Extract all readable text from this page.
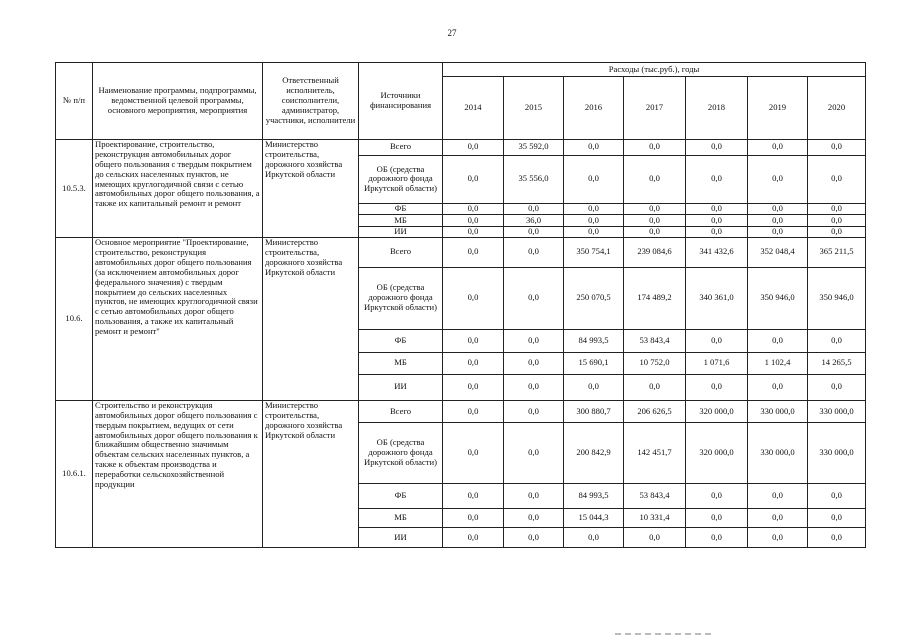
27
№ п/п	Наименование программы, подпрограммы, ведомственной целевой программы, основного мероприятия, мероприятия	Ответственный исполнитель, соисполнители, администратор, участники, исполнители	Источники финансирования	Расходы (тыс.руб.), годы						
				2014	2015	2016	2017	2018	2019	2020
10.5.3.	Проектирование, строительство, реконструкция автомобильных дорог общего пользования с твердым покрытием до сельских населенных пунктов, не имеющих круглогодичной связи с сетью автомобильных дорог общего пользования, а также их капитальный ремонт и ремонт	Министерство строительства, дорожного хозяйства Иркутской области	Всего	0,0	35 592,0	0,0	0,0	0,0	0,0	0,0
			ОБ (средства дорожного фонда Иркутской области)	0,0	35 556,0	0,0	0,0	0,0	0,0	0,0
			ФБ	0,0	0,0	0,0	0,0	0,0	0,0	0,0
			МБ	0,0	36,0	0,0	0,0	0,0	0,0	0,0
			ИИ	0,0	0,0	0,0	0,0	0,0	0,0	0,0
10.6.	Основное мероприятие "Проектирование, строительство, реконструкция автомобильных дорог общего пользования (за исключением автомобильных дорог федерального значения) с твердым покрытием до сельских населенных пунктов, не имеющих круглогодичной связи с сетью автомобильных дорог общего пользования, а также их капитальный ремонт и ремонт"	Министерство строительства, дорожного хозяйства Иркутской области	Всего	0,0	0,0	350 754,1	239 084,6	341 432,6	352 048,4	365 211,5
			ОБ (средства дорожного фонда Иркутской области)	0,0	0,0	250 070,5	174 489,2	340 361,0	350 946,0	350 946,0
			ФБ	0,0	0,0	84 993,5	53 843,4	0,0	0,0	0,0
			МБ	0,0	0,0	15 690,1	10 752,0	1 071,6	1 102,4	14 265,5
			ИИ	0,0	0,0	0,0	0,0	0,0	0,0	0,0
10.6.1.	Строительство и реконструкция автомобильных дорог общего пользования с твердым покрытием, ведущих от сети автомобильных дорог общего пользования к ближайшим общественно значимым объектам сельских населенных пунктов, а также к объектам производства и переработки сельскохозяйственной продукции	Министерство строительства, дорожного хозяйства Иркутской области	Всего	0,0	0,0	300 880,7	206 626,5	320 000,0	330 000,0	330 000,0
			ОБ (средства дорожного фонда Иркутской области)	0,0	0,0	200 842,9	142 451,7	320 000,0	330 000,0	330 000,0
			ФБ	0,0	0,0	84 993,5	53 843,4	0,0	0,0	0,0
			МБ	0,0	0,0	15 044,3	10 331,4	0,0	0,0	0,0
			ИИ	0,0	0,0	0,0	0,0	0,0	0,0	0,0
